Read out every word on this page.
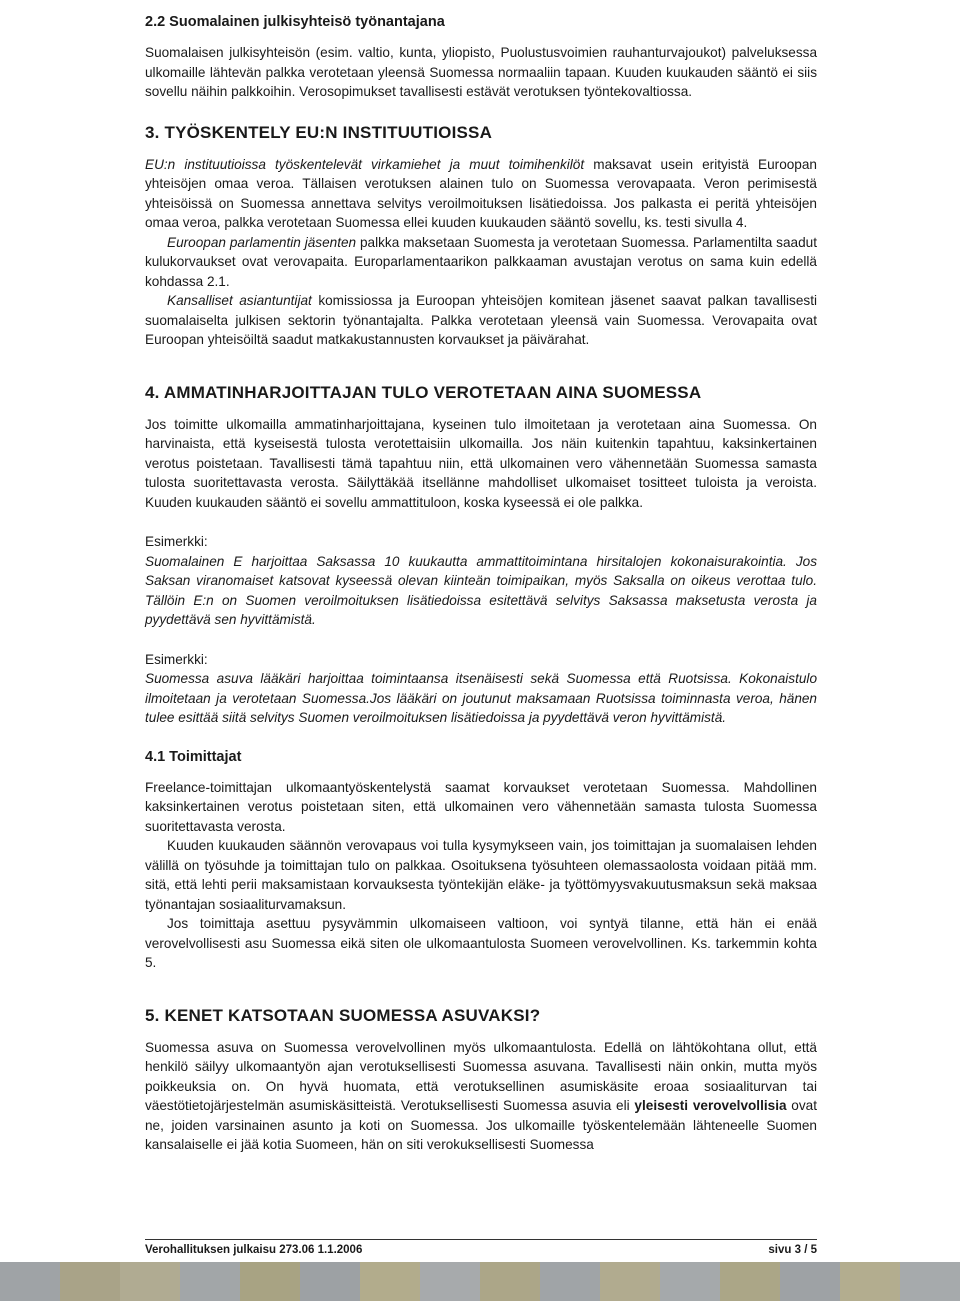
2.2 Suomalainen julkisyhteisö työnantajana

Suomalaisen julkisyhteisön (esim. valtio, kunta, yliopisto, Puolustusvoimien rauhanturvajoukot) palveluksessa ulkomaille lähtevän palkka verotetaan yleensä Suomessa normaaliin tapaan. Kuuden kuukauden sääntö ei siis sovellu näihin palkkoihin. Verosopimukset tavallisesti estävät verotuksen työntekovaltiossa.

3. TYÖSKENTELY EU:N INSTITUUTIOISSA

EU:n instituutioissa työskentelevät virkamiehet ja muut toimihenkilöt maksavat usein erityistä Euroopan yhteisöjen omaa veroa. Tällaisen verotuksen alainen tulo on Suomessa verovapaata. Veron perimisestä yhteisöissä on Suomessa annettava selvitys veroilmoituksen lisätiedoissa. Jos palkasta ei peritä yhteisöjen omaa veroa, palkka verotetaan Suomessa ellei kuuden kuukauden sääntö sovellu, ks. testi sivulla 4.

Euroopan parlamentin jäsenten palkka maksetaan Suomesta ja verotetaan Suomessa. Parlamentilta saadut kulukorvaukset ovat verovapaita. Europarlamentaarikon palkkaaman avustajan verotus on sama kuin edellä kohdassa 2.1.

Kansalliset asiantuntijat komissiossa ja Euroopan yhteisöjen komitean jäsenet saavat palkan tavallisesti suomalaiselta julkisen sektorin työnantajalta. Palkka verotetaan yleensä vain Suomessa. Verovapaita ovat Euroopan yhteisöiltä saadut matkakustannusten korvaukset ja päivärahat.

4. AMMATINHARJOITTAJAN TULO VEROTETAAN AINA SUOMESSA

Jos toimitte ulkomailla ammatinharjoittajana, kyseinen tulo ilmoitetaan ja verotetaan aina Suomessa. On harvinaista, että kyseisestä tulosta verotettaisiin ulkomailla. Jos näin kuitenkin tapahtuu, kaksinkertainen verotus poistetaan. Tavallisesti tämä tapahtuu niin, että ulkomainen vero vähennetään Suomessa samasta tulosta suoritettavasta verosta. Säilyttäkää itsellänne mahdolliset ulkomaiset tositteet tuloista ja veroista. Kuuden kuukauden sääntö ei sovellu ammattituloon, koska kyseessä ei ole palkka.

Esimerkki:

Suomalainen E harjoittaa Saksassa 10 kuukautta ammattitoimintana hirsitalojen kokonaisurakointia. Jos Saksan viranomaiset katsovat kyseessä olevan kiinteän toimipaikan, myös Saksalla on oikeus verottaa tulo. Tällöin E:n on Suomen veroilmoituksen lisätiedoissa esitettävä selvitys Saksassa maksetusta verosta ja pyydettävä sen hyvittämistä.

Esimerkki:

Suomessa asuva lääkäri harjoittaa toimintaansa itsenäisesti sekä Suomessa että Ruotsissa. Kokonaistulo ilmoitetaan ja verotetaan Suomessa.Jos lääkäri on joutunut maksamaan Ruotsissa toiminnasta veroa, hänen tulee esittää siitä selvitys Suomen veroilmoituksen lisätiedoissa ja pyydettävä veron hyvittämistä.

4.1 Toimittajat

Freelance-toimittajan ulkomaantyöskentelystä saamat korvaukset verotetaan Suomessa. Mahdollinen kaksinkertainen verotus poistetaan siten, että ulkomainen vero vähennetään samasta tulosta Suomessa suoritettavasta verosta.

Kuuden kuukauden säännön verovapaus voi tulla kysymykseen vain, jos toimittajan ja suomalaisen lehden välillä on työsuhde ja toimittajan tulo on palkkaa. Osoituksena työsuhteen olemassaolosta voidaan pitää mm. sitä, että lehti perii maksamistaan korvauksesta työntekijän eläke- ja työttömyysvakuutusmaksun sekä maksaa työnantajan sosiaaliturvamaksun.

Jos toimittaja asettuu pysyvämmin ulkomaiseen valtioon, voi syntyä tilanne, että hän ei enää verovelvollisesti asu Suomessa eikä siten ole ulkomaantulosta Suomeen verovelvollinen. Ks. tarkemmin kohta 5.

5. KENET KATSOTAAN SUOMESSA ASUVAKSI?

Suomessa asuva on Suomessa verovelvollinen myös ulkomaantulosta. Edellä on lähtökohtana ollut, että henkilö säilyy ulkomaantyön ajan verotuksellisesti Suomessa asuvana. Tavallisesti näin onkin, mutta myös poikkeuksia on. On hyvä huomata, että verotuksellinen asumiskäsite eroaa sosiaaliturvan tai väestötietojärjestelmän asumiskäsitteistä. Verotuksellisesti Suomessa asuvia eli yleisesti verovelvollisia ovat ne, joiden varsinainen asunto ja koti on Suomessa. Jos ulkomaille työskentelemään lähteneelle Suomen kansalaiselle ei jää kotia Suomeen, hän on siti verokuksellisesti Suomessa

Verohallituksen julkaisu 273.06 1.1.2006	sivu 3 / 5
